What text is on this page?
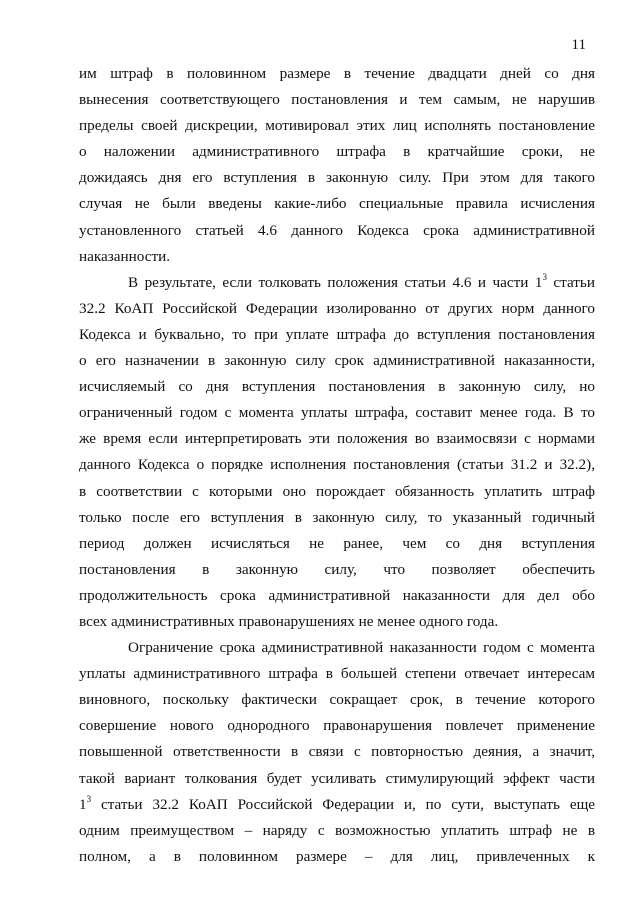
11
им штраф в половинном размере в течение двадцати дней со дня
вынесения соответствующего постановления и тем самым, не нарушив
пределы своей дискреции, мотивировал этих лиц исполнять постановление
о наложении административного штрафа в кратчайшие сроки, не
дожидаясь дня его вступления в законную силу. При этом для такого
случая не были введены какие-либо специальные правила исчисления
установленного статьей 4.6 данного Кодекса срока административной
наказанности.
В результате, если толковать положения статьи 4.6 и части $1^3$ статьи
32.2 КоАП Российской Федерации изолированно от других норм данного
Кодекса и буквально, то при уплате штрафа до вступления постановления
о его назначении в законную силу срок административной наказанности,
исчисляемый со дня вступления постановления в законную силу, но
ограниченный годом с момента уплаты штрафа, составит менее года. В то
же время если интерпретировать эти положения во взаимосвязи с нормами
данного Кодекса о порядке исполнения постановления (статьи 31.2 и 32.2),
в соответствии с которыми оно порождает обязанность уплатить штраф
только после его вступления в законную силу, то указанный годичный
период должен исчисляться не ранее, чем со дня вступления
постановления в законную силу, что позволяет обеспечить
продолжительность срока административной наказанности для дел обо
всех административных правонарушениях не менее одного года.
Ограничение срока административной наказанности годом с момента
уплаты административного штрафа в большей степени отвечает интересам
виновного, поскольку фактически сокращает срок, в течение которого
совершение нового однородного правонарушения повлечет применение
повышенной ответственности в связи с повторностью деяния, а значит,
такой вариант толкования будет усиливать стимулирующий эффект части
$1^3$ статьи 32.2 КоАП Российской Федерации и, по сути, выступать еще
одним преимуществом – наряду с возможностью уплатить штраф не в
полном, а в половинном размере – для лиц, привлеченных к
